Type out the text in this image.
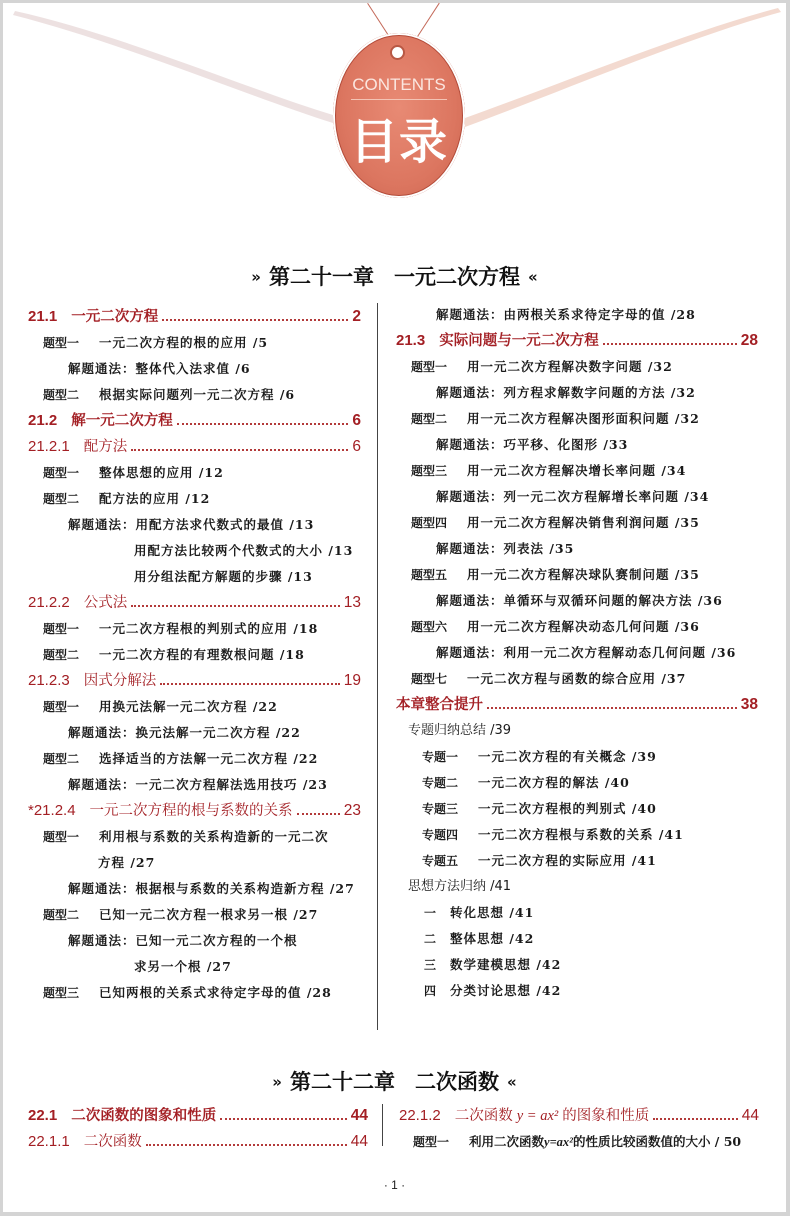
CONTENTS
目录
» 第二十一章 一元二次方程 «
21.1 一元二次方程	2
题型一 一元二次方程的根的应用 /5
解题通法：整体代入法求值 /6
题型二 根据实际问题列一元二次方程 /6
21.2 解一元二次方程	6
21.2.1 配方法	6
题型一 整体思想的应用 /12
题型二 配方法的应用 /12
解题通法：用配方法求代数式的最值 /13
用配方法比较两个代数式的大小 /13
用分组法配方解题的步骤 /13
21.2.2 公式法	13
题型一 一元二次方程根的判别式的应用 /18
题型二 一元二次方程的有理数根问题 /18
21.2.3 因式分解法	19
题型一 用换元法解一元二次方程 /22
解题通法：换元法解一元二次方程 /22
题型二 选择适当的方法解一元二次方程 /22
解题通法：一元二次方程解法选用技巧 /23
*21.2.4 一元二次方程的根与系数的关系	23
题型一 利用根与系数的关系构造新的一元二次
方程 /27
解题通法：根据根与系数的关系构造新方程 /27
题型二 已知一元二次方程一根求另一根 /27
解题通法：已知一元二次方程的一个根
求另一个根 /27
题型三 已知两根的关系式求待定字母的值 /28
解题通法：由两根关系求待定字母的值 /28
21.3 实际问题与一元二次方程	28
题型一 用一元二次方程解决数字问题 /32
解题通法：列方程求解数字问题的方法 /32
题型二 用一元二次方程解决图形面积问题 /32
解题通法：巧平移、化图形 /33
题型三 用一元二次方程解决增长率问题 /34
解题通法：列一元二次方程解增长率问题 /34
题型四 用一元二次方程解决销售利润问题 /35
解题通法：列表法 /35
题型五 用一元二次方程解决球队赛制问题 /35
解题通法：单循环与双循环问题的解决方法 /36
题型六 用一元二次方程解决动态几何问题 /36
解题通法：利用一元二次方程解动态几何问题 /36
题型七 一元二次方程与函数的综合应用 /37
本章整合提升	38
专题归纳总结 /39
专题一 一元二次方程的有关概念 /39
专题二 一元二次方程的解法 /40
专题三 一元二次方程根的判别式 /40
专题四 一元二次方程根与系数的关系 /41
专题五 一元二次方程的实际应用 /41
思想方法归纳 /41
一 转化思想 /41
二 整体思想 /42
三 数学建模思想 /42
四 分类讨论思想 /42
» 第二十二章 二次函数 «
22.1 二次函数的图象和性质	44
22.1.1 二次函数	44
22.1.2 二次函数 y = ax² 的图象和性质	44
题型一 利用二次函数y=ax²的性质比较函数值的大小 / 50
· 1 ·
